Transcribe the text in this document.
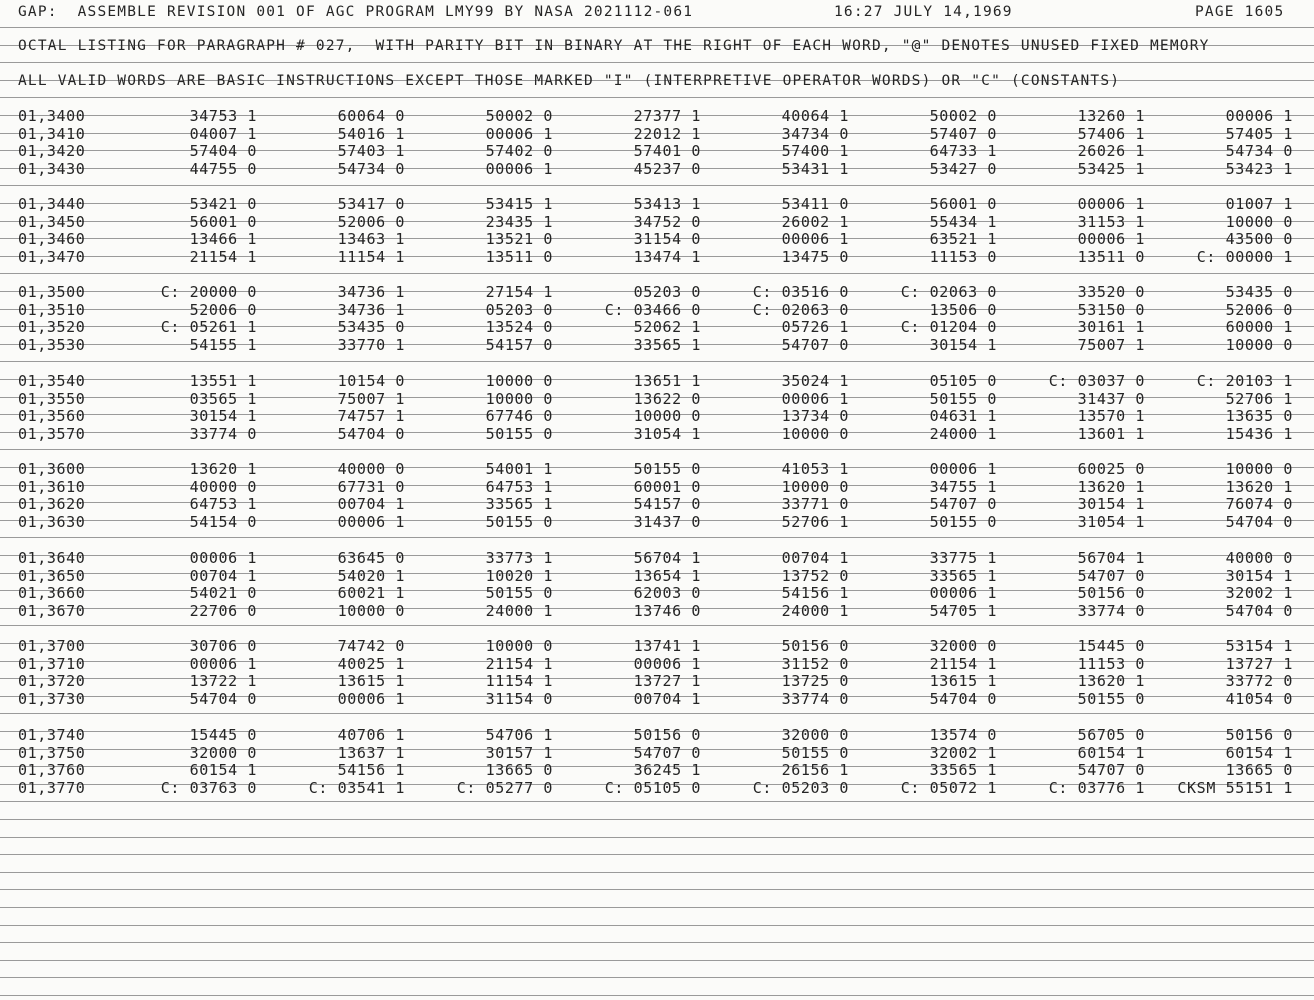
GAP:  ASSEMBLE REVISION 001 OF AGC PROGRAM LMY99 BY NASA 2021112-061	16:27 JULY 14,1969	PAGE 1605
OCTAL LISTING FOR PARAGRAPH # 027,  WITH PARITY BIT IN BINARY AT THE RIGHT OF EACH WORD, "@" DENOTES UNUSED FIXED MEMORY
ALL VALID WORDS ARE BASIC INSTRUCTIONS EXCEPT THOSE MARKED "I" (INTERPRETIVE OPERATOR WORDS) OR "C" (CONSTANTS)
01,3400	34753 1	60064 0	50002 0	27377 1	40064 1	50002 0	13260 1	00006 1
01,3410	04007 1	54016 1	00006 1	22012 1	34734 0	57407 0	57406 1	57405 1
01,3420	57404 0	57403 1	57402 0	57401 0	57400 1	64733 1	26026 1	54734 0
01,3430	44755 0	54734 0	00006 1	45237 0	53431 1	53427 0	53425 1	53423 1
01,3440	53421 0	53417 0	53415 1	53413 1	53411 0	56001 0	00006 1	01007 1
01,3450	56001 0	52006 0	23435 1	34752 0	26002 1	55434 1	31153 1	10000 0
01,3460	13466 1	13463 1	13521 0	31154 0	00006 1	63521 1	00006 1	43500 0
01,3470	21154 1	11154 1	13511 0	13474 1	13475 0	11153 0	13511 0	C: 00000 1
01,3500	C: 20000 0	34736 1	27154 1	05203 0	C: 03516 0	C: 02063 0	33520 0	53435 0
01,3510	52006 0	34736 1	05203 0	C: 03466 0	C: 02063 0	13506 0	53150 0	52006 0
01,3520	C: 05261 1	53435 0	13524 0	52062 1	05726 1	C: 01204 0	30161 1	60000 1
01,3530	54155 1	33770 1	54157 0	33565 1	54707 0	30154 1	75007 1	10000 0
01,3540	13551 1	10154 0	10000 0	13651 1	35024 1	05105 0	C: 03037 0	C: 20103 1
01,3550	03565 1	75007 1	10000 0	13622 0	00006 1	50155 0	31437 0	52706 1
01,3560	30154 1	74757 1	67746 0	10000 0	13734 0	04631 1	13570 1	13635 0
01,3570	33774 0	54704 0	50155 0	31054 1	10000 0	24000 1	13601 1	15436 1
01,3600	13620 1	40000 0	54001 1	50155 0	41053 1	00006 1	60025 0	10000 0
01,3610	40000 0	67731 0	64753 1	60001 0	10000 0	34755 1	13620 1	13620 1
01,3620	64753 1	00704 1	33565 1	54157 0	33771 0	54707 0	30154 1	76074 0
01,3630	54154 0	00006 1	50155 0	31437 0	52706 1	50155 0	31054 1	54704 0
01,3640	00006 1	63645 0	33773 1	56704 1	00704 1	33775 1	56704 1	40000 0
01,3650	00704 1	54020 1	10020 1	13654 1	13752 0	33565 1	54707 0	30154 1
01,3660	54021 0	60021 1	50155 0	62003 0	54156 1	00006 1	50156 0	32002 1
01,3670	22706 0	10000 0	24000 1	13746 0	24000 1	54705 1	33774 0	54704 0
01,3700	30706 0	74742 0	10000 0	13741 1	50156 0	32000 0	15445 0	53154 1
01,3710	00006 1	40025 1	21154 1	00006 1	31152 0	21154 1	11153 0	13727 1
01,3720	13722 1	13615 1	11154 1	13727 1	13725 0	13615 1	13620 1	33772 0
01,3730	54704 0	00006 1	31154 0	00704 1	33774 0	54704 0	50155 0	41054 0
01,3740	15445 0	40706 1	54706 1	50156 0	32000 0	13574 0	56705 0	50156 0
01,3750	32000 0	13637 1	30157 1	54707 0	50155 0	32002 1	60154 1	60154 1
01,3760	60154 1	54156 1	13665 0	36245 1	26156 1	33565 1	54707 0	13665 0
01,3770	C: 03763 0	C: 03541 1	C: 05277 0	C: 05105 0	C: 05203 0	C: 05072 1	C: 03776 1	CKSM 55151 1
